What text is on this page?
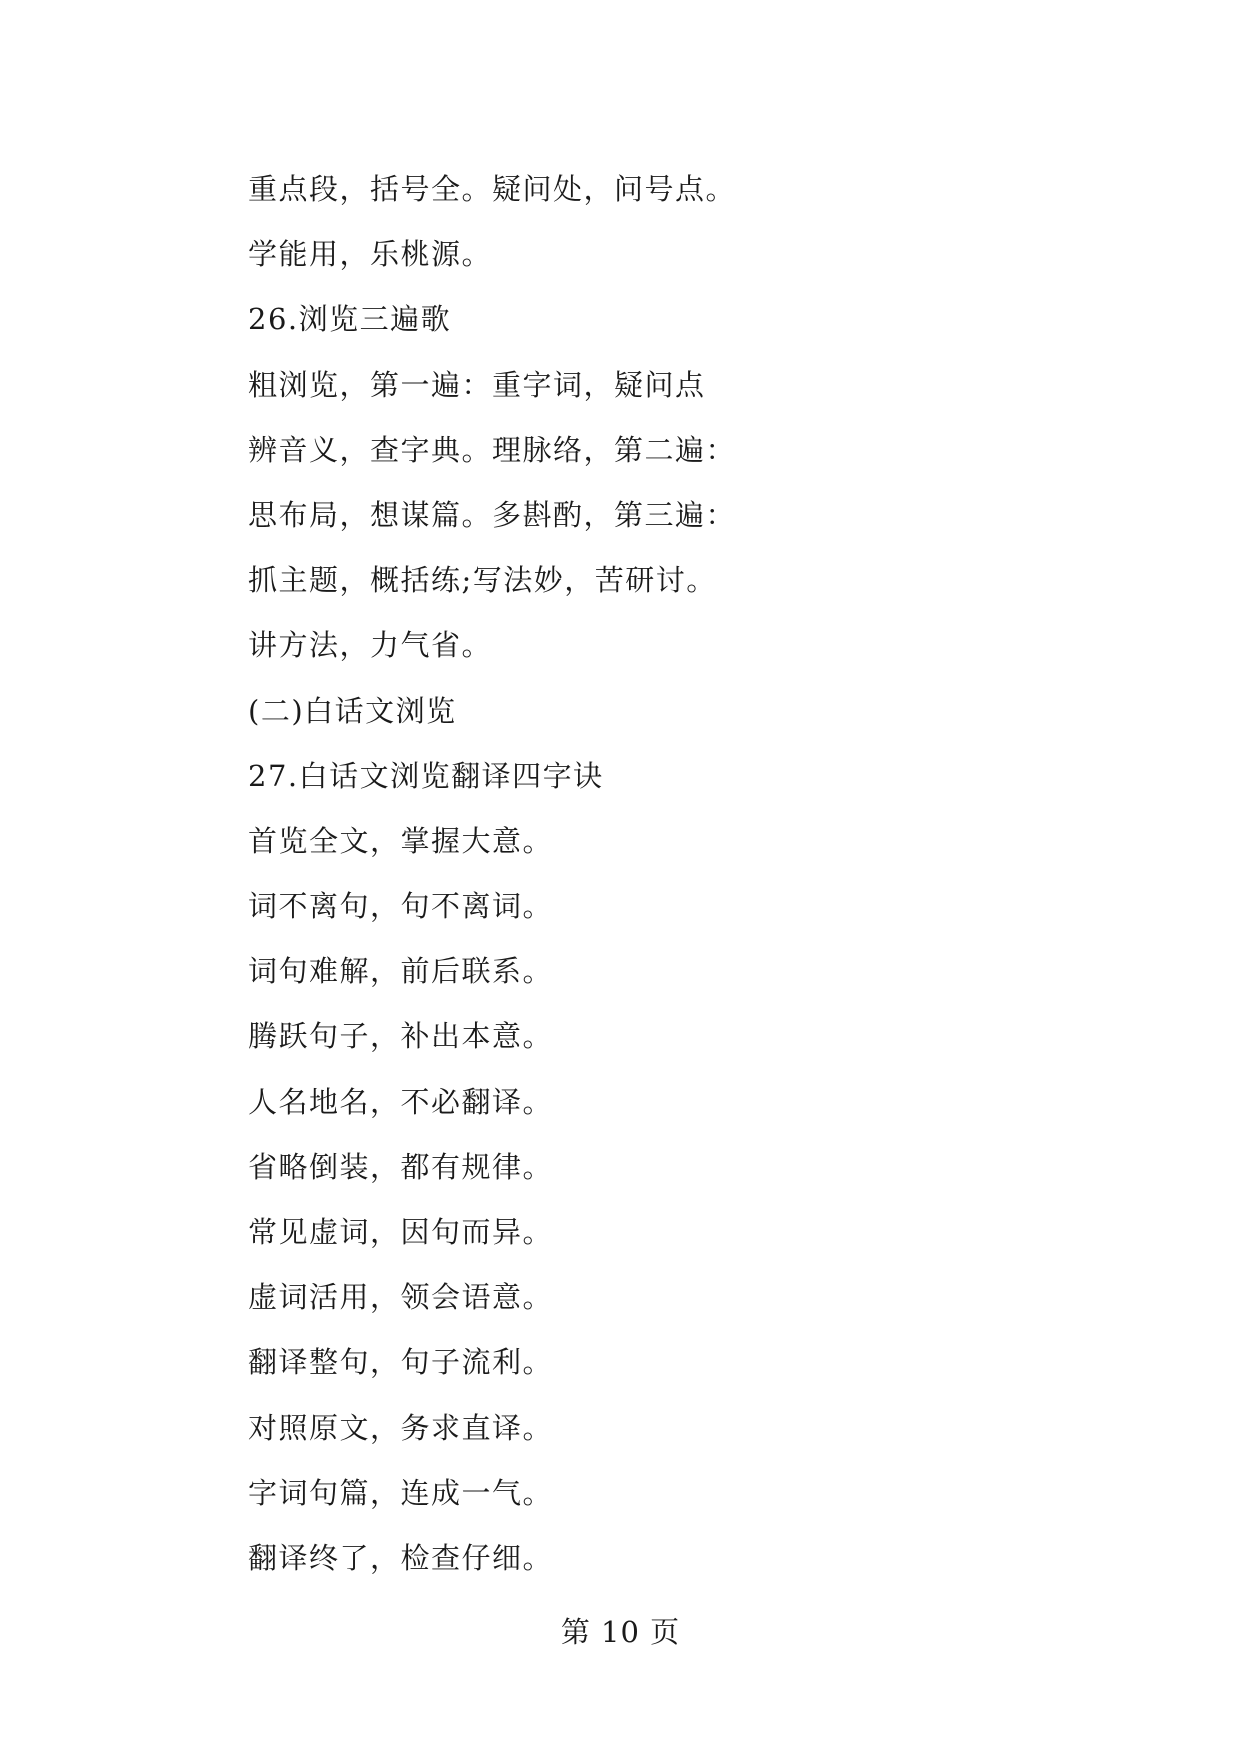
重点段，括号全。疑问处，问号点。
学能用，乐桃源。
26.浏览三遍歌
粗浏览，第一遍：重字词，疑问点
辨音义，查字典。理脉络，第二遍：
思布局，想谋篇。多斟酌，第三遍：
抓主题，概括练;写法妙，苦研讨。
讲方法，力气省。
(二)白话文浏览
27.白话文浏览翻译四字诀
首览全文，掌握大意。
词不离句，句不离词。
词句难解，前后联系。
腾跃句子，补出本意。
人名地名，不必翻译。
省略倒装，都有规律。
常见虚词，因句而异。
虚词活用，领会语意。
翻译整句，句子流利。
对照原文，务求直译。
字词句篇，连成一气。
翻译终了，检查仔细。
第 10 页
